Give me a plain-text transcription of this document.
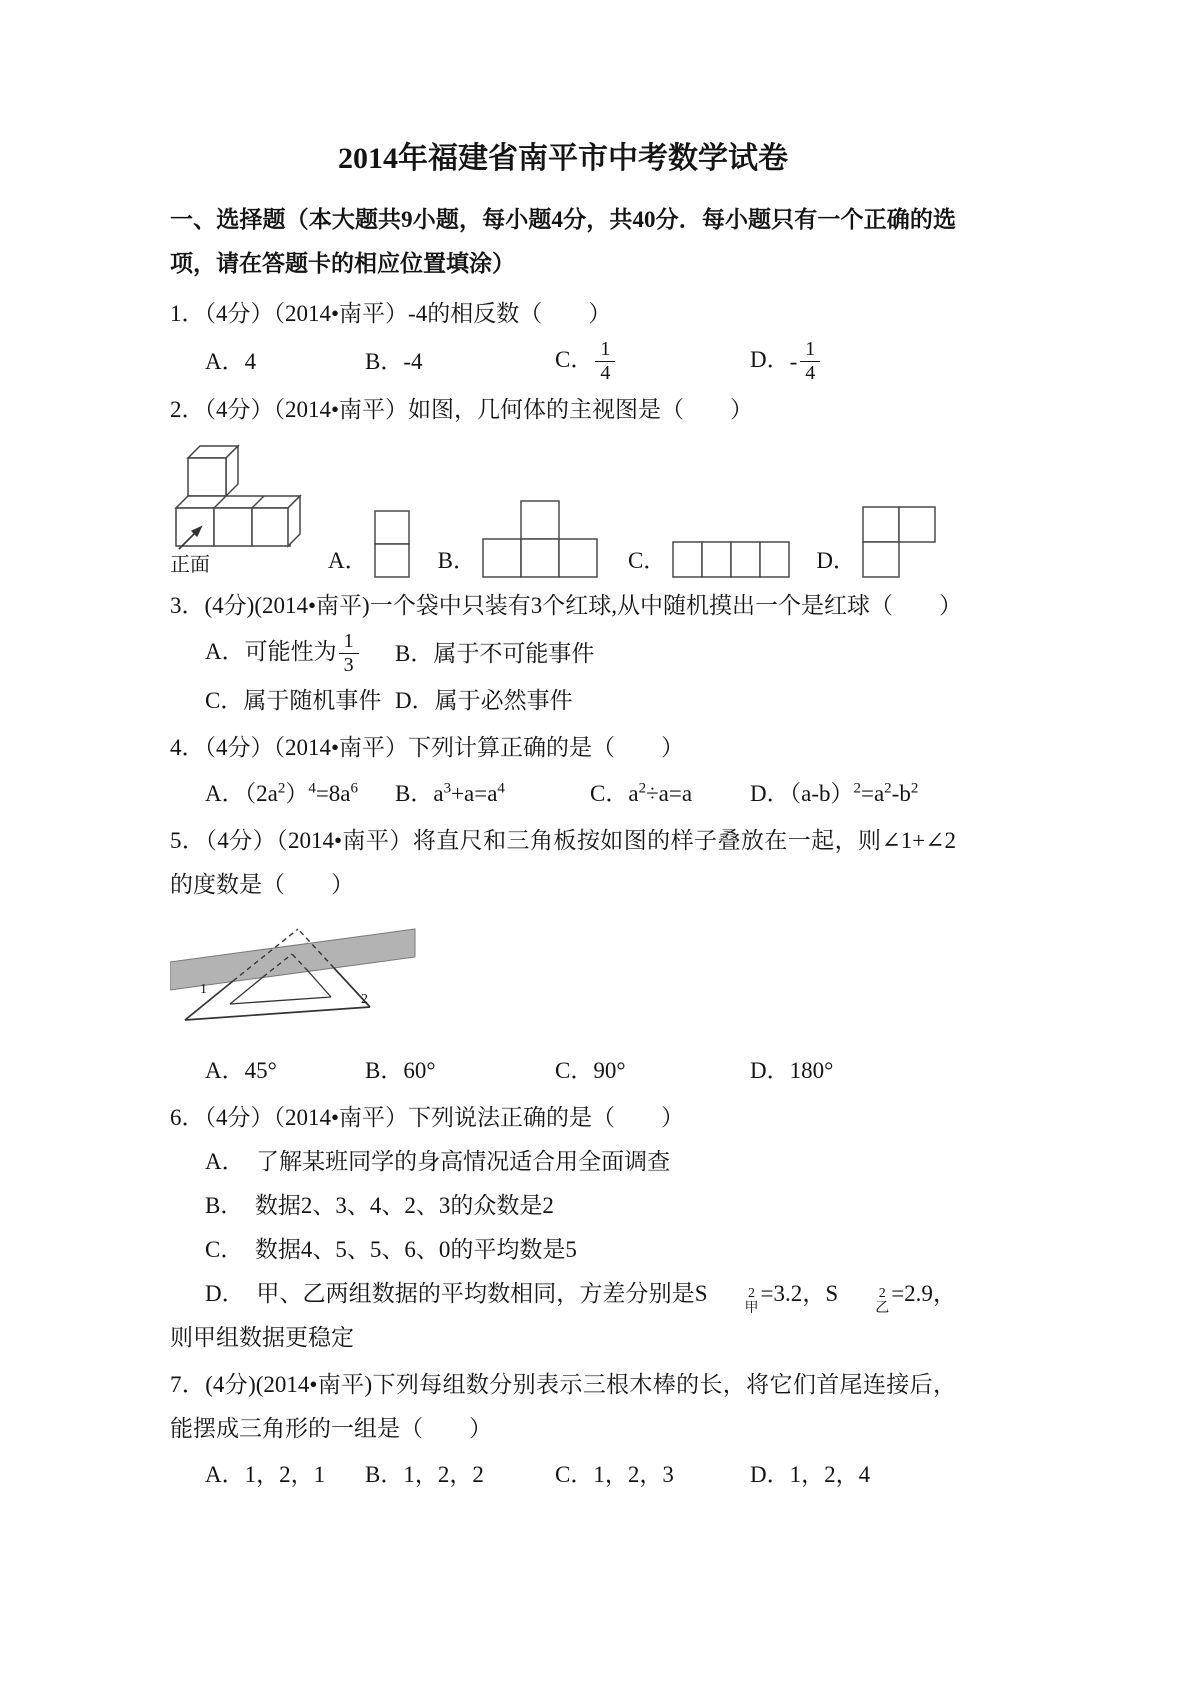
2014年福建省南平市中考数学试卷

一、选择题（本大题共9小题，每小题4分，共40分．每小题只有一个正确的选项，请在答题卡的相应位置填涂）

1．（4分）（2014•南平）-4的相反数（　　）

A．4	B．-4	C． $\frac{1}{4}$	D．- $\frac{1}{4}$

2．（4分）（2014•南平）如图，几何体的主视图是（　　）

正面	A．	B．	C．	D．

3．(4分)(2014•南平)一个袋中只装有3个红球,从中随机摸出一个是红球（　　）

A．可能性为 $\frac{1}{3}$ B．属于不可能事件
C．属于随机事件 D．属于必然事件

4．（4分）（2014•南平）下列计算正确的是（　　）

A．$(2a^2)^4=8a^6$	B．$a^3+a=a^4$	C．$a^2\div a=a$	D．$(a-b)^2=a^2-b^2$

5．（4分）（2014•南平）将直尺和三角板按如图的样子叠放在一起，则∠1+∠2的度数是（　　）

1
2
A．45°	B．60°	C．90°	D．180°

6．（4分）（2014•南平）下列说法正确的是（　　）

A．　了解某班同学的身高情况适合用全面调查
B．　数据2、3、4、2、3的众数是2
C．　数据4、5、5、6、0的平均数是5
D．　甲、乙两组数据的平均数相同，方差分别是S	2
甲
=3.2，S	2
乙
=2.9，则甲组数据更稳定

7．(4分)(2014•南平)下列每组数分别表示三根木棒的长，将它们首尾连接后，能摆成三角形的一组是（　　）

A．1，2，1	B．1，2，2	C．1，2，3	D．1，2，4
